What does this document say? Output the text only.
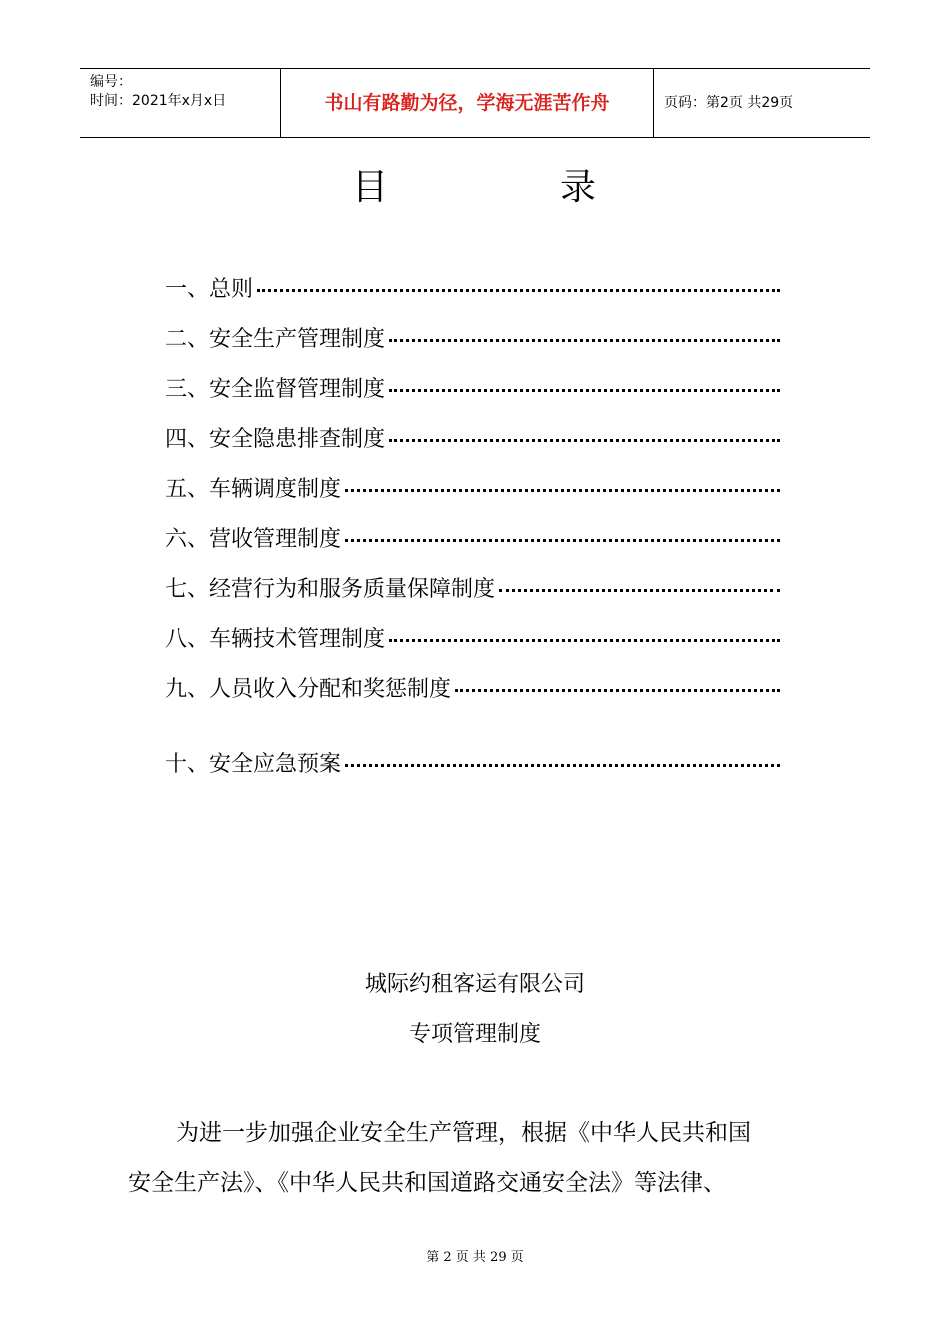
编号：
时间：2021年x月x日	书山有路勤为径，学海无涯苦作舟	页码：第2页 共29页
目	录
一、总则
二、安全生产管理制度
三、安全监督管理制度
四、安全隐患排查制度
五、车辆调度制度
六、营收管理制度
七、经营行为和服务质量保障制度
八、车辆技术管理制度
九、人员收入分配和奖惩制度
十、安全应急预案
城际约租客运有限公司
专项管理制度
为进一步加强企业安全生产管理，根据《中华人民共和国
安全生产法》、《中华人民共和国道路交通安全法》等法律、
第 2 页 共 29 页
